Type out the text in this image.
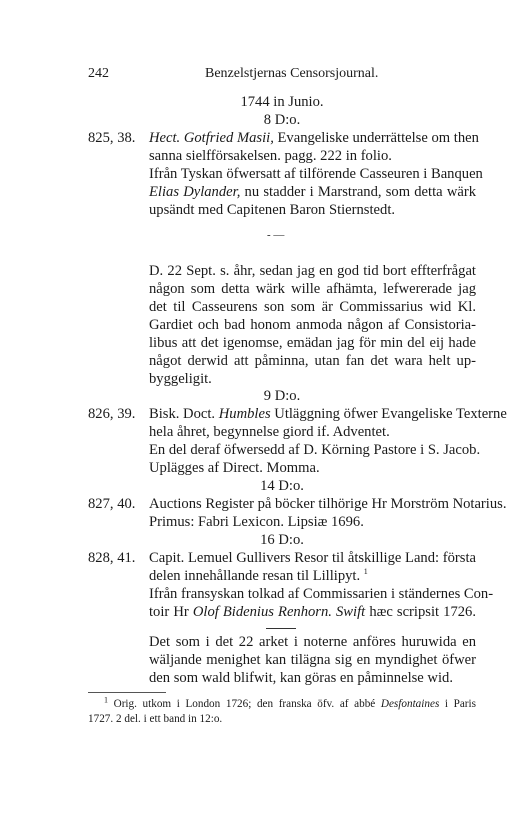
242	Benzelstjernas Censorsjournal.
1744 in Junio.
8 D:o.
825, 38. Hect. Gotfried Masii, Evangeliske underrättelse om then
sanna sielfförsakelsen. pagg. 222 in folio.
Ifrån Tyskan öfwersatt af tilförende Casseuren i Banquen
Elias Dylander, nu stadder i Marstrand, som detta wärk
upsändt med Capitenen Baron Stiernstedt.
- —
D. 22 Sept. s. åhr, sedan jag en god tid bort effterfrågat
någon som detta wärk wille afhämta, lefwererade jag
det til Casseurens son som är Commissarius wid Kl.
Gardiet och bad honom anmoda någon af Consistoria-
libus att det igenomse, emädan jag för min del eij hade
något derwid att påminna, utan fan det wara helt up-
byggeligit.
9 D:o.
826, 39. Bisk. Doct. Humbles Utläggning öfwer Evangeliske Texterne
hela åhret, begynnelse giord if. Adventet.
En del deraf öfwersedd af D. Körning Pastore i S. Jacob.
Uplägges af Direct. Momma.
14 D:o.
827, 40. Auctions Register på böcker tilhörige Hr Morström Notarius.
Primus: Fabri Lexicon. Lipsiæ 1696.
16 D:o.
828, 41. Capit. Lemuel Gullivers Resor til åtskillige Land: första
delen innehållande resan til Lillipyt. $^1$
Ifrån fransyskan tolkad af Commissarien i ständernes Con-
toir Hr Olof Bidenius Renhorn. Swift hæc scripsit 1726.
Det som i det 22 arket i noterne anföres huruwida en
wäljande menighet kan tilägna sig en myndighet öfwer
den som wald blifwit, kan göras en påminnelse wid.
$^1$ Orig. utkom i London 1726; den franska öfv. af abbé Desfontaines i Paris
1727. 2 del. i ett band in 12:o.
